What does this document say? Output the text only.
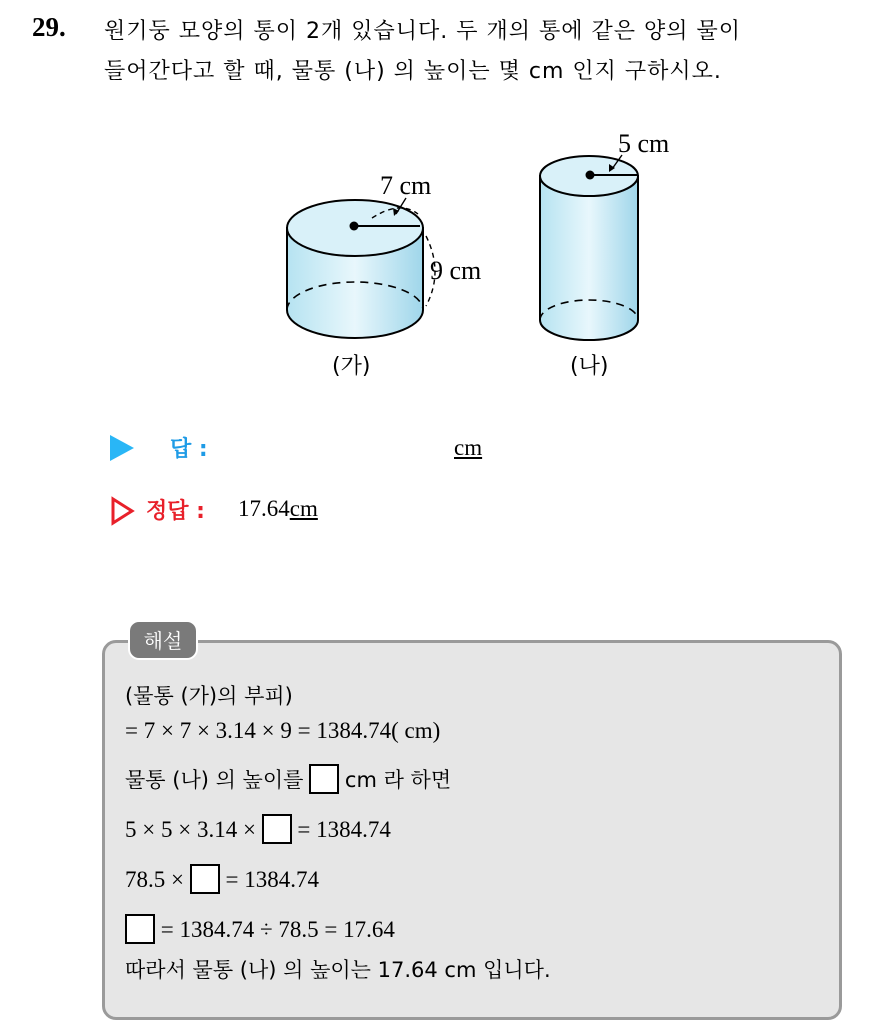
29. 원기둥 모양의 통이 2개 있습니다. 두 개의 통에 같은 양의 물이
들어간다고 할 때, 물통 (나) 의 높이는 몇 cm 인지 구하시오.
7 cm
9 cm
(가)
5 cm
(나)
답 :	cm
정답 : 17.64cm
해설
(물통 (가)의 부피)
= 7 × 7 × 3.14 × 9 = 1384.74( cm)
물통 (나) 의 높이를 cm 라 하면
5 × 5 × 3.14 × = 1384.74
78.5 × = 1384.74
= 1384.74 ÷ 78.5 = 17.64
따라서 물통 (나) 의 높이는 17.64 cm 입니다.
